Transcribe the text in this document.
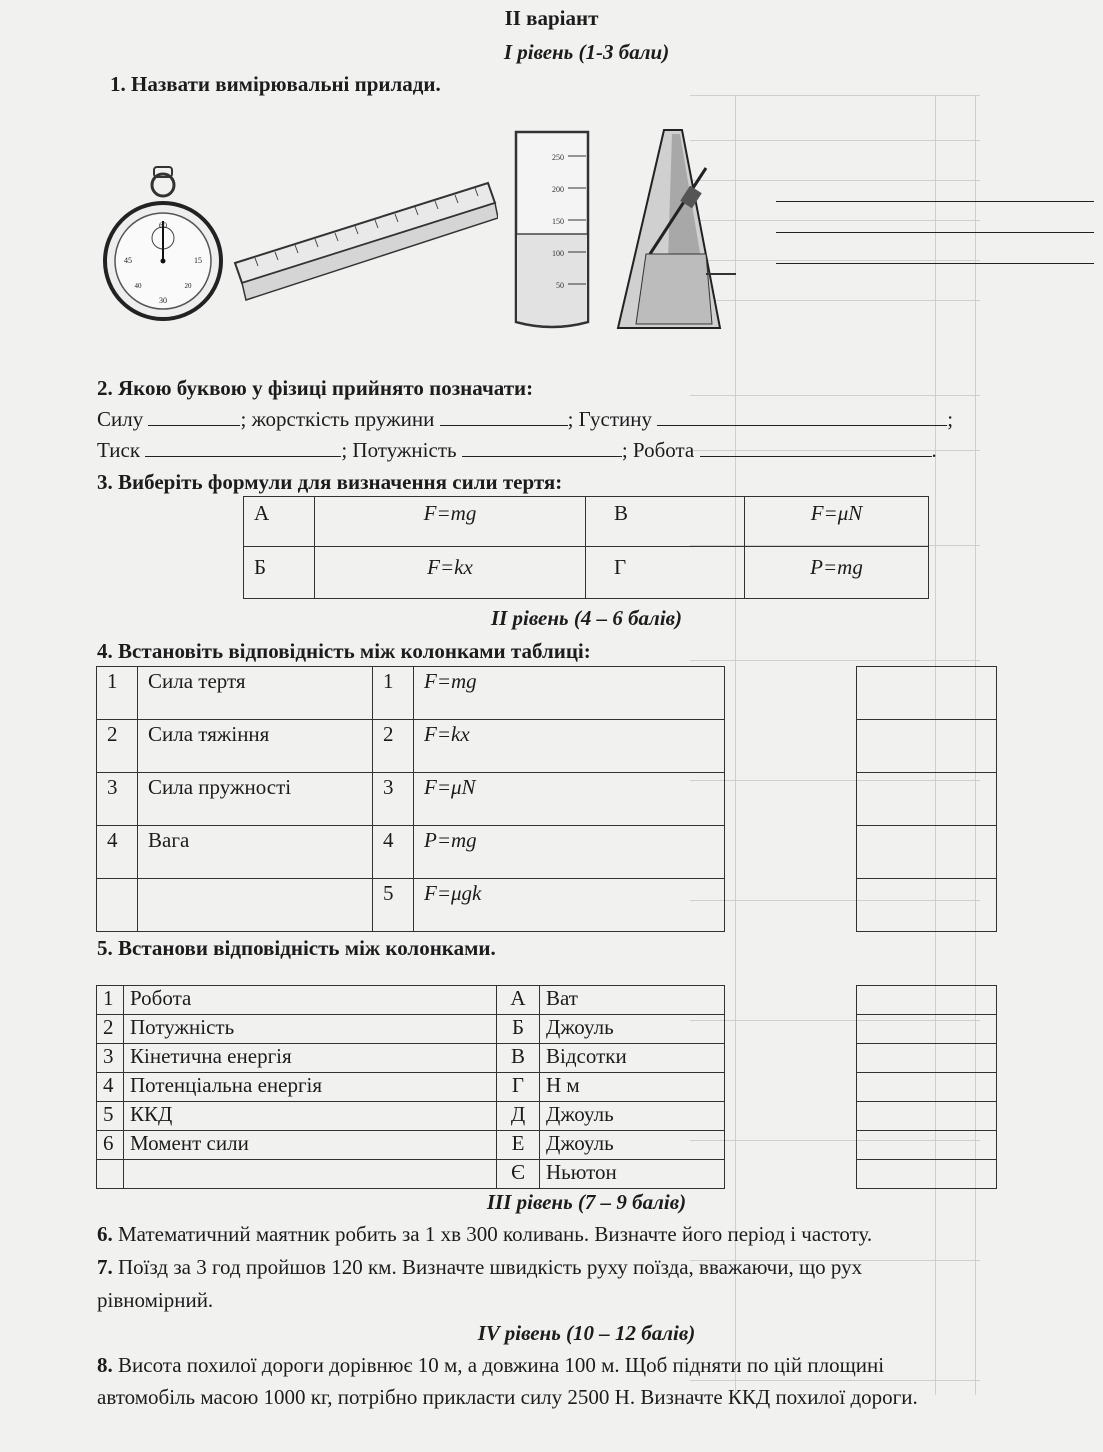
II варіант
I рівень (1-3 бали)
1. Назвати вимірювальні прилади.
60
15
30
45
20
40
250
200
150
100
50
2. Якою буквою у фізиці прийнято позначати:
Силу	; жорсткість пружини	; Густину	;
Тиск	; Потужність	; Робота	.
3. Виберіть формули для визначення сили тертя:
А	F=mg	В	F=μN
Б	F=kx	Г	P=mg
II рівень (4 – 6 балів)
4. Встановіть відповідність між колонками таблиці:
1	Сила тертя	1	F=mg
2	Сила тяжіння	2	F=kx
3	Сила пружності	3	F=μN
4	Вага	4	P=mg
		5	F=μgk

5. Встанови відповідність між колонками.
1	Робота	А	Ват
2	Потужність	Б	Джоуль
3	Кінетична енергія	В	Відсотки
4	Потенціальна енергія	Г	Н м
5	ККД	Д	Джоуль
6	Момент сили	Е	Джоуль
		Є	Ньютон

III рівень (7 – 9 балів)
6. Математичний маятник робить за 1 хв 300 коливань. Визначте його період і частоту.
7. Поїзд за 3 год пройшов 120 км. Визначте швидкість руху поїзда, вважаючи, що рух
рівномірний.
IV рівень (10 – 12 балів)
8. Висота похилої дороги дорівнює 10 м, а довжина 100 м. Щоб підняти по цій площині
автомобіль масою 1000 кг, потрібно прикласти силу 2500 Н. Визначте ККД похилої дороги.
